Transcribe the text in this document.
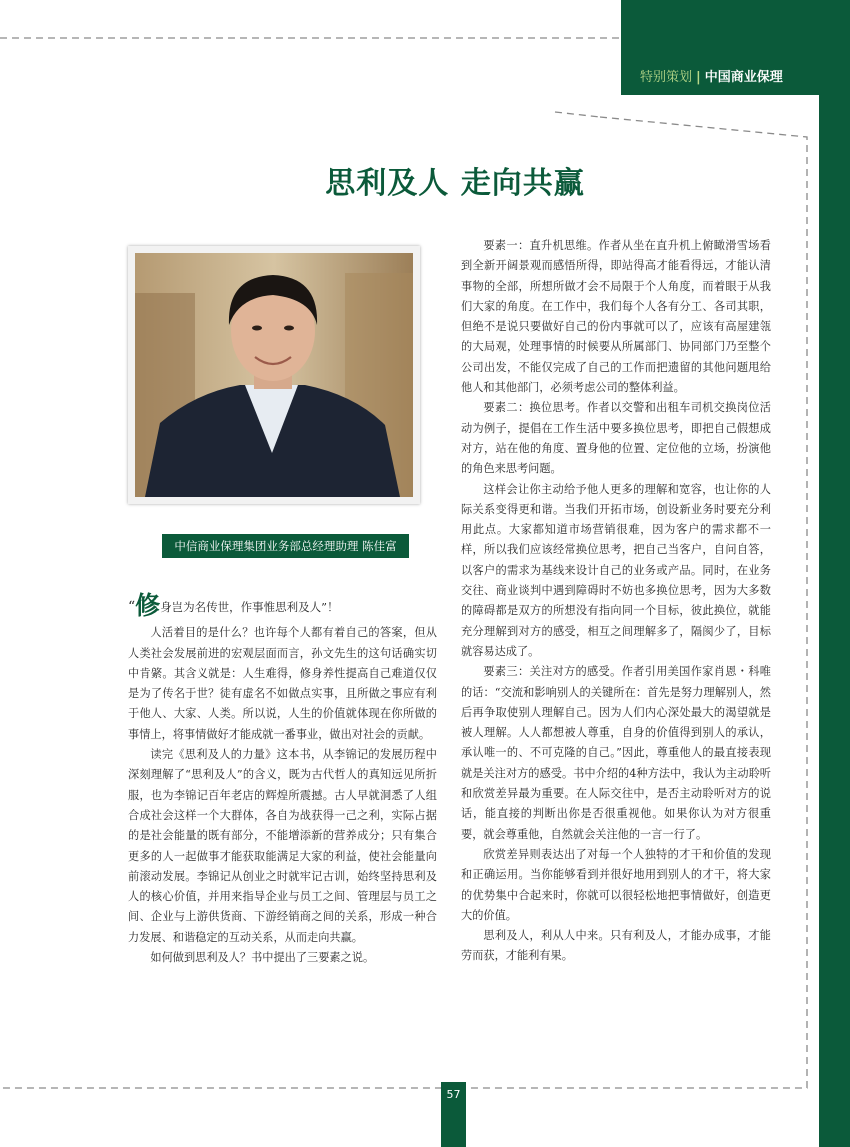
特别策划 | 中国商业保理
思利及人 走向共赢
中信商业保理集团业务部总经理助理 陈佳富
“修身岂为名传世，作事惟思利及人”！

人活着目的是什么？也许每个人都有着自己的答案，但从人类社会发展前进的宏观层面而言，孙文先生的这句话确实切中肯綮。其含义就是：人生难得，修身养性提高自己难道仅仅是为了传名于世？徒有虚名不如做点实事，且所做之事应有利于他人、大家、人类。所以说，人生的价值就体现在你所做的事情上，将事情做好才能成就一番事业，做出对社会的贡献。

读完《思利及人的力量》这本书，从李锦记的发展历程中深刻理解了“思利及人”的含义，既为古代哲人的真知远见所折服，也为李锦记百年老店的辉煌所震撼。古人早就洞悉了人组合成社会这样一个大群体，各自为战获得一己之利，实际占据的是社会能量的既有部分，不能增添新的营养成分；只有集合更多的人一起做事才能获取能满足大家的利益，使社会能量向前滚动发展。李锦记从创业之时就牢记古训，始终坚持思利及人的核心价值，并用来指导企业与员工之间、管理层与员工之间、企业与上游供货商、下游经销商之间的关系，形成一种合力发展、和谐稳定的互动关系，从而走向共赢。

如何做到思利及人？书中提出了三要素之说。

要素一：直升机思维。作者从坐在直升机上俯瞰滑雪场看到全新开阔景观而感悟所得，即站得高才能看得远，才能认清事物的全部，所想所做才会不局限于个人角度，而着眼于从我们大家的角度。在工作中，我们每个人各有分工、各司其职，但绝不是说只要做好自己的份内事就可以了，应该有高屋建瓴的大局观，处理事情的时候要从所属部门、协同部门乃至整个公司出发，不能仅完成了自己的工作而把遗留的其他问题甩给他人和其他部门，必须考虑公司的整体利益。

要素二：换位思考。作者以交警和出租车司机交换岗位活动为例子，提倡在工作生活中要多换位思考，即把自己假想成对方，站在他的角度、置身他的位置、定位他的立场，扮演他的角色来思考问题。

这样会让你主动给予他人更多的理解和宽容，也让你的人际关系变得更和谐。当我们开拓市场，创设新业务时要充分利用此点。大家都知道市场营销很难，因为客户的需求都不一样，所以我们应该经常换位思考，把自己当客户，自问自答，以客户的需求为基线来设计自己的业务或产品。同时，在业务交往、商业谈判中遇到障碍时不妨也多换位思考，因为大多数的障碍都是双方的所想没有指向同一个目标，彼此换位，就能充分理解到对方的感受，相互之间理解多了，隔阂少了，目标就容易达成了。

要素三：关注对方的感受。作者引用美国作家肖恩・科唯的话：“交流和影响别人的关键所在：首先是努力理解别人，然后再争取使别人理解自己。因为人们内心深处最大的渴望就是被人理解。人人都想被人尊重，自身的价值得到别人的承认，承认唯一的、不可克隆的自己。”因此，尊重他人的最直接表现就是关注对方的感受。书中介绍的4种方法中，我认为主动聆听和欣赏差异最为重要。在人际交往中，是否主动聆听对方的说话，能直接的判断出你是否很重视他。如果你认为对方很重要，就会尊重他，自然就会关注他的一言一行了。

欣赏差异则表达出了对每一个人独特的才干和价值的发现和正确运用。当你能够看到并很好地用到别人的才干，将大家的优势集中合起来时，你就可以很轻松地把事情做好，创造更大的价值。

思利及人，利从人中来。只有利及人，才能办成事，才能劳而获，才能利有果。

57
